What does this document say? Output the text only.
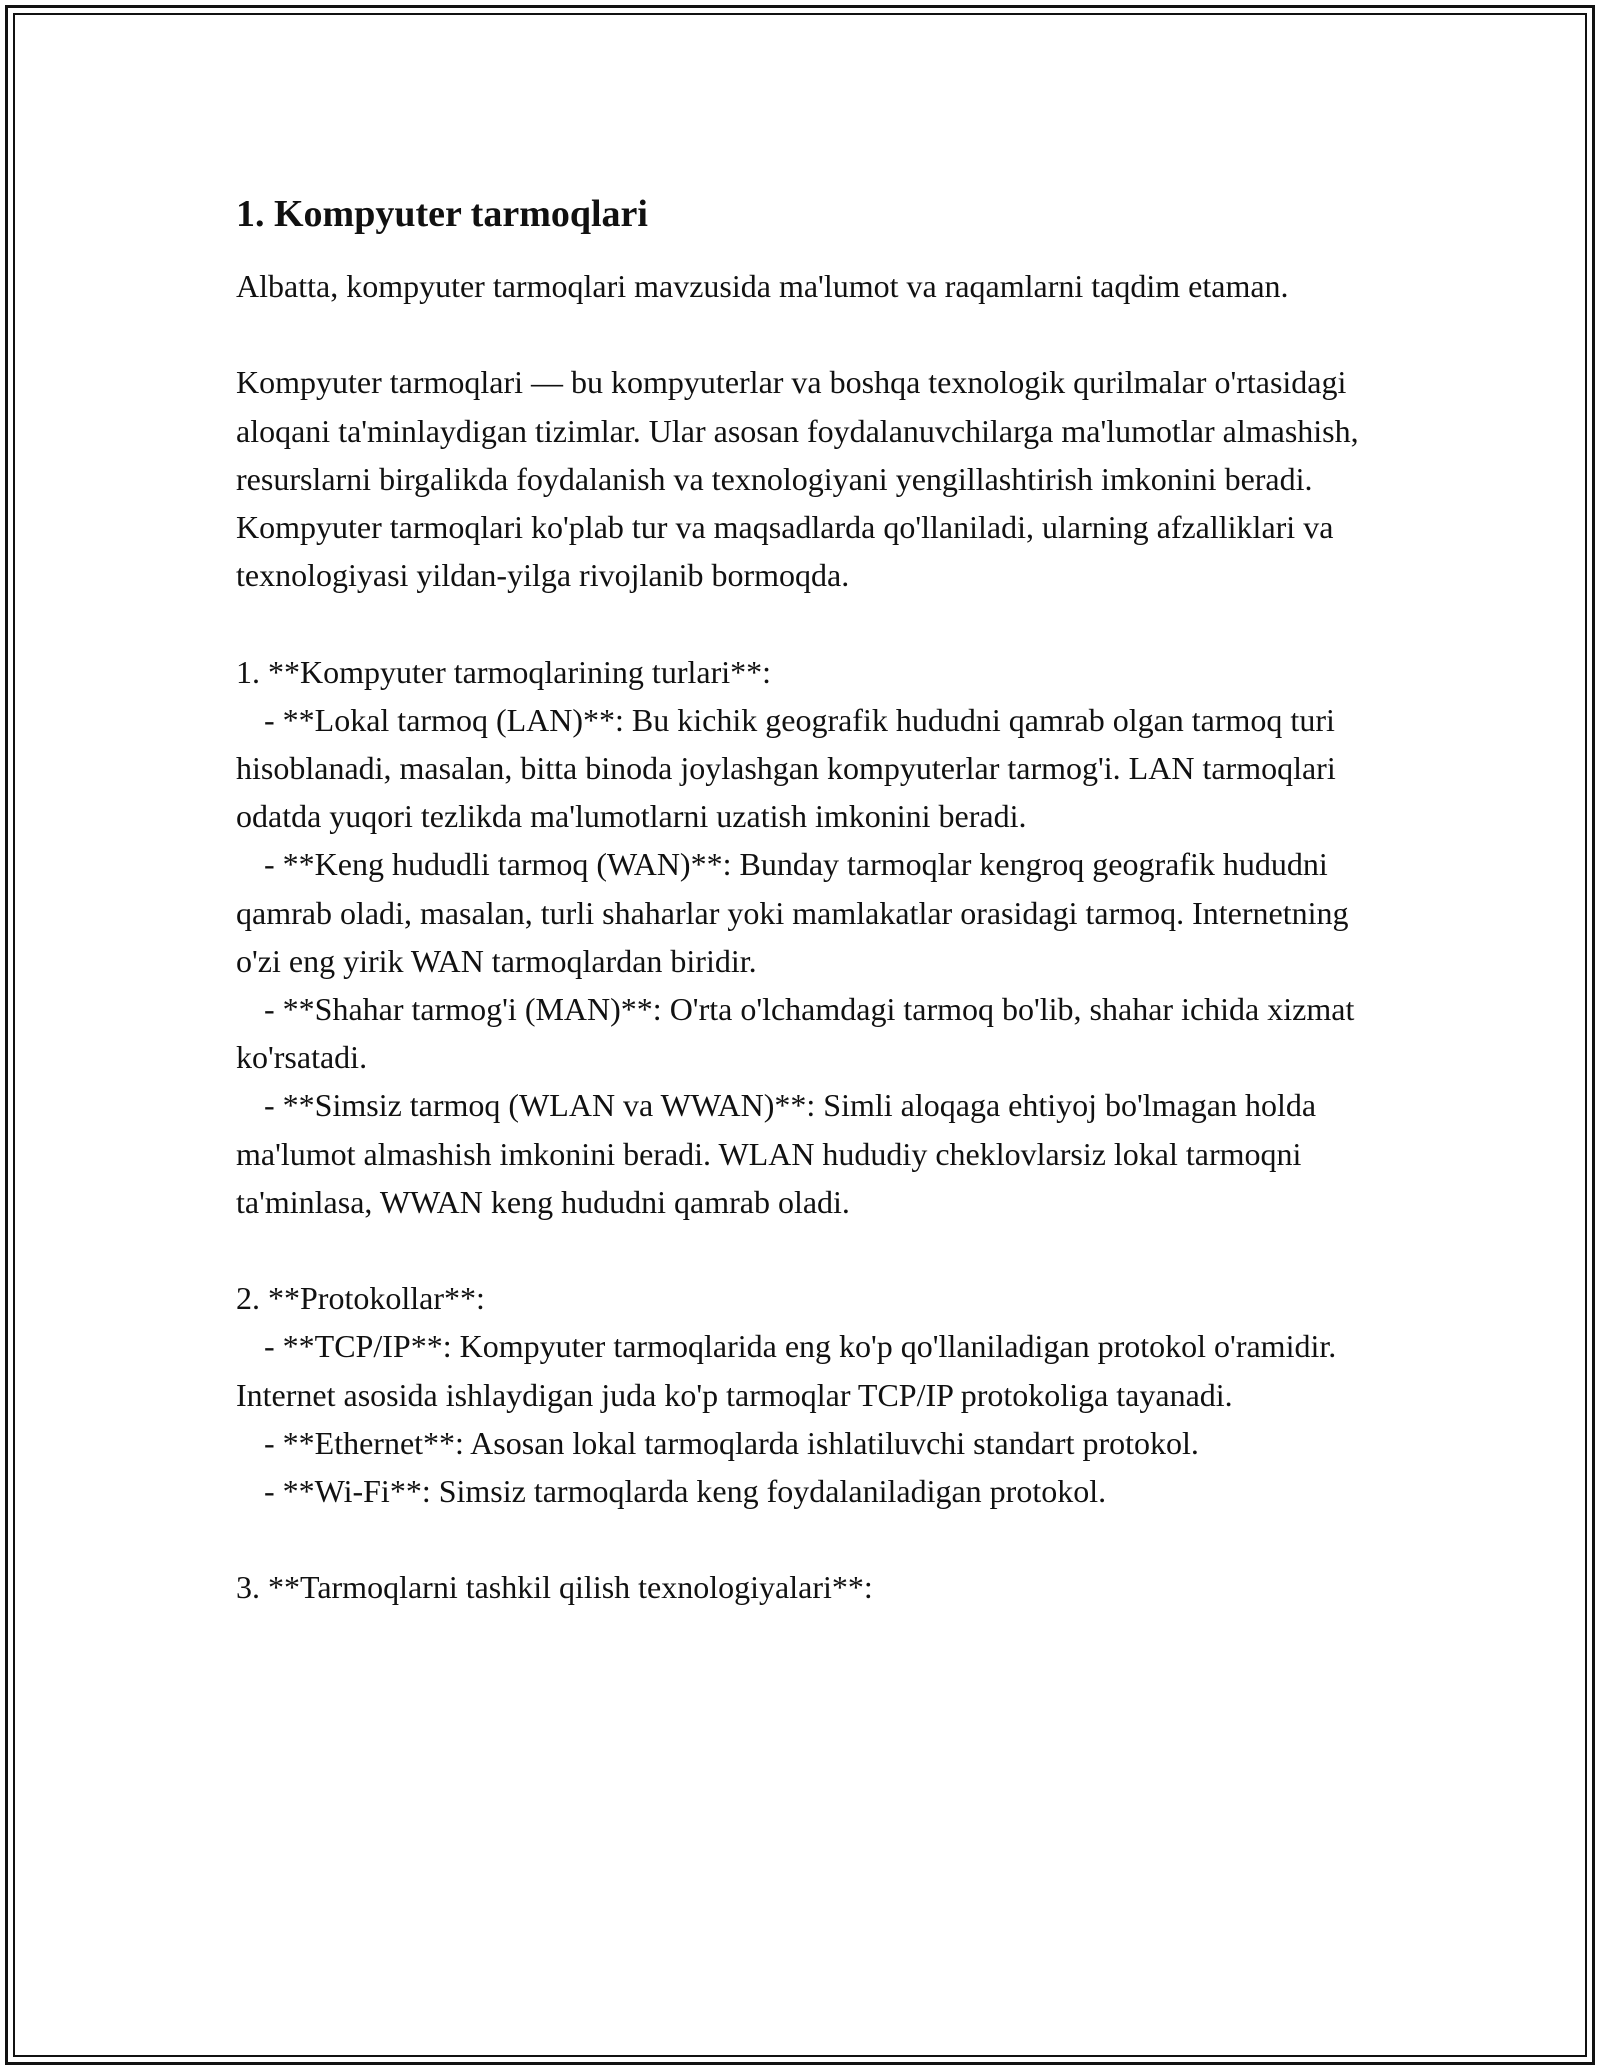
1. Kompyuter tarmoqlari

Albatta, kompyuter tarmoqlari mavzusida ma'lumot va raqamlarni taqdim etaman.

Kompyuter tarmoqlari — bu kompyuterlar va boshqa texnologik qurilmalar o'rtasidagi aloqani ta'minlaydigan tizimlar. Ular asosan foydalanuvchilarga ma'lumotlar almashish, resurslarni birgalikda foydalanish va texnologiyani yengillashtirish imkonini beradi. Kompyuter tarmoqlari ko'plab tur va maqsadlarda qo'llaniladi, ularning afzalliklari va texnologiyasi yildan-yilga rivojlanib bormoqda.

1. **Kompyuter tarmoqlarining turlari**:

- **Lokal tarmoq (LAN)**: Bu kichik geografik hududni qamrab olgan tarmoq turi hisoblanadi, masalan, bitta binoda joylashgan kompyuterlar tarmog'i. LAN tarmoqlari odatda yuqori tezlikda ma'lumotlarni uzatish imkonini beradi.

- **Keng hududli tarmoq (WAN)**: Bunday tarmoqlar kengroq geografik hududni qamrab oladi, masalan, turli shaharlar yoki mamlakatlar orasidagi tarmoq. Internetning o'zi eng yirik WAN tarmoqlardan biridir.

- **Shahar tarmog'i (MAN)**: O'rta o'lchamdagi tarmoq bo'lib, shahar ichida xizmat ko'rsatadi.

- **Simsiz tarmoq (WLAN va WWAN)**: Simli aloqaga ehtiyoj bo'lmagan holda ma'lumot almashish imkonini beradi. WLAN hududiy cheklovlarsiz lokal tarmoqni ta'minlasa, WWAN keng hududni qamrab oladi.

2. **Protokollar**:

- **TCP/IP**: Kompyuter tarmoqlarida eng ko'p qo'llaniladigan protokol o'ramidir. Internet asosida ishlaydigan juda ko'p tarmoqlar TCP/IP protokoliga tayanadi.

- **Ethernet**: Asosan lokal tarmoqlarda ishlatiluvchi standart protokol.

- **Wi-Fi**: Simsiz tarmoqlarda keng foydalaniladigan protokol.

3. **Tarmoqlarni tashkil qilish texnologiyalari**:
